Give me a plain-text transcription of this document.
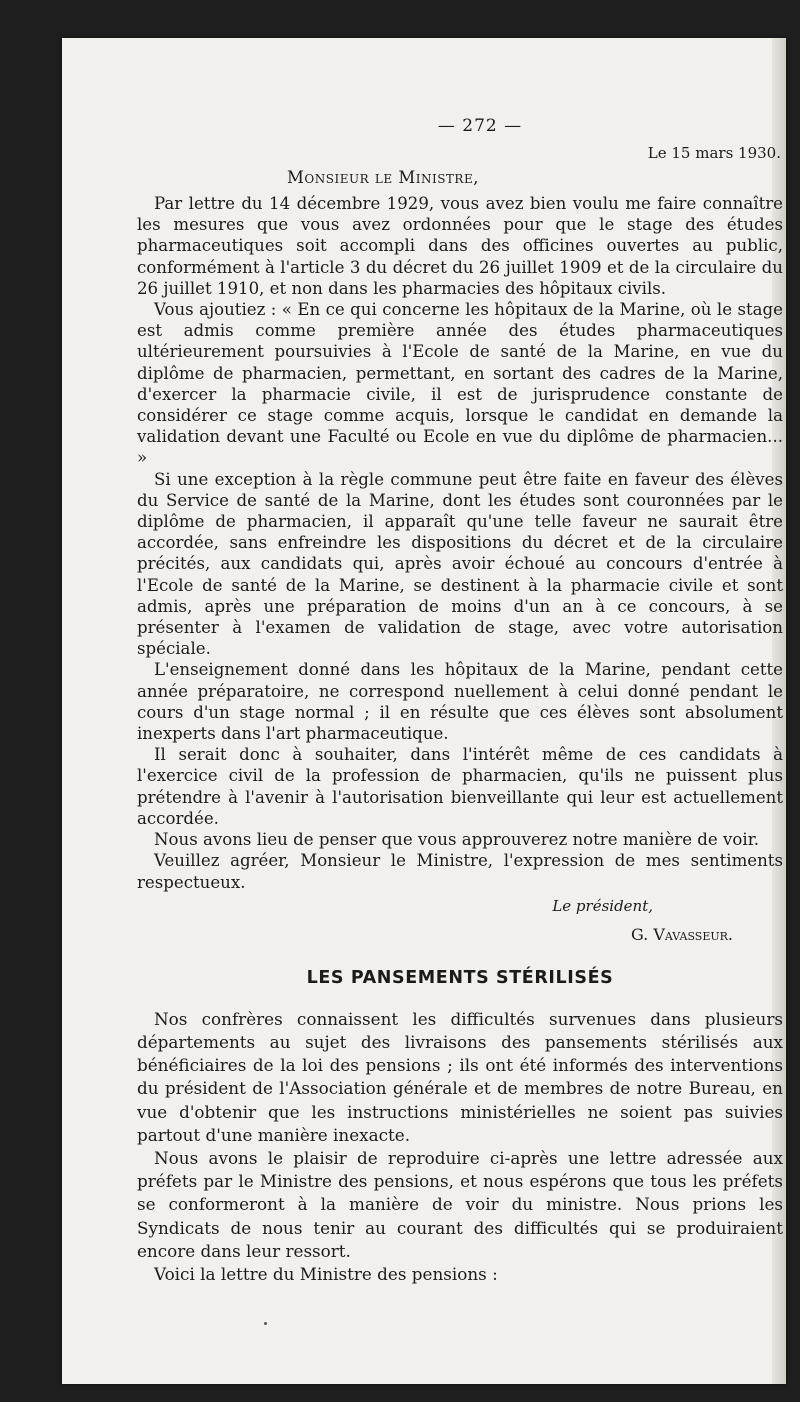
— 272 —
Le 15 mars 1930.
Monsieur le Ministre,

Par lettre du 14 décembre 1929, vous avez bien voulu me faire connaître les mesures que vous avez ordonnées pour que le stage des études pharmaceutiques soit accompli dans des officines ouvertes au public, conformément à l'article 3 du décret du 26 juillet 1909 et de la circulaire du 26 juillet 1910, et non dans les pharmacies des hôpitaux civils.

Vous ajoutiez : « En ce qui concerne les hôpitaux de la Marine, où le stage est admis comme première année des études pharmaceutiques ultérieurement poursuivies à l'Ecole de santé de la Marine, en vue du diplôme de pharmacien, permettant, en sortant des cadres de la Marine, d'exercer la pharmacie civile, il est de jurisprudence constante de considérer ce stage comme acquis, lorsque le candidat en demande la validation devant une Faculté ou Ecole en vue du diplôme de pharmacien... »

Si une exception à la règle commune peut être faite en faveur des élèves du Service de santé de la Marine, dont les études sont couronnées par le diplôme de pharmacien, il apparaît qu'une telle faveur ne saurait être accordée, sans enfreindre les dispositions du décret et de la circulaire précités, aux candidats qui, après avoir échoué au concours d'entrée à l'Ecole de santé de la Marine, se destinent à la pharmacie civile et sont admis, après une préparation de moins d'un an à ce concours, à se présenter à l'examen de validation de stage, avec votre autorisation spéciale.

L'enseignement donné dans les hôpitaux de la Marine, pendant cette année préparatoire, ne correspond nuellement à celui donné pendant le cours d'un stage normal ; il en résulte que ces élèves sont absolument inexperts dans l'art pharmaceutique.

Il serait donc à souhaiter, dans l'intérêt même de ces candidats à l'exercice civil de la profession de pharmacien, qu'ils ne puissent plus prétendre à l'avenir à l'autorisation bienveillante qui leur est actuellement accordée.

Nous avons lieu de penser que vous approuverez notre manière de voir.

Veuillez agréer, Monsieur le Ministre, l'expression de mes sentiments respectueux.

Le président,
G. Vavasseur.
LES PANSEMENTS STÉRILISÉS

Nos confrères connaissent les difficultés survenues dans plusieurs départements au sujet des livraisons des pansements stérilisés aux bénéficiaires de la loi des pensions ; ils ont été informés des interventions du président de l'Association générale et de membres de notre Bureau, en vue d'obtenir que les instructions ministérielles ne soient pas suivies partout d'une manière inexacte.

Nous avons le plaisir de reproduire ci-après une lettre adressée aux préfets par le Ministre des pensions, et nous espérons que tous les préfets se conformeront à la manière de voir du ministre. Nous prions les Syndicats de nous tenir au courant des difficultés qui se produiraient encore dans leur ressort.

Voici la lettre du Ministre des pensions :
